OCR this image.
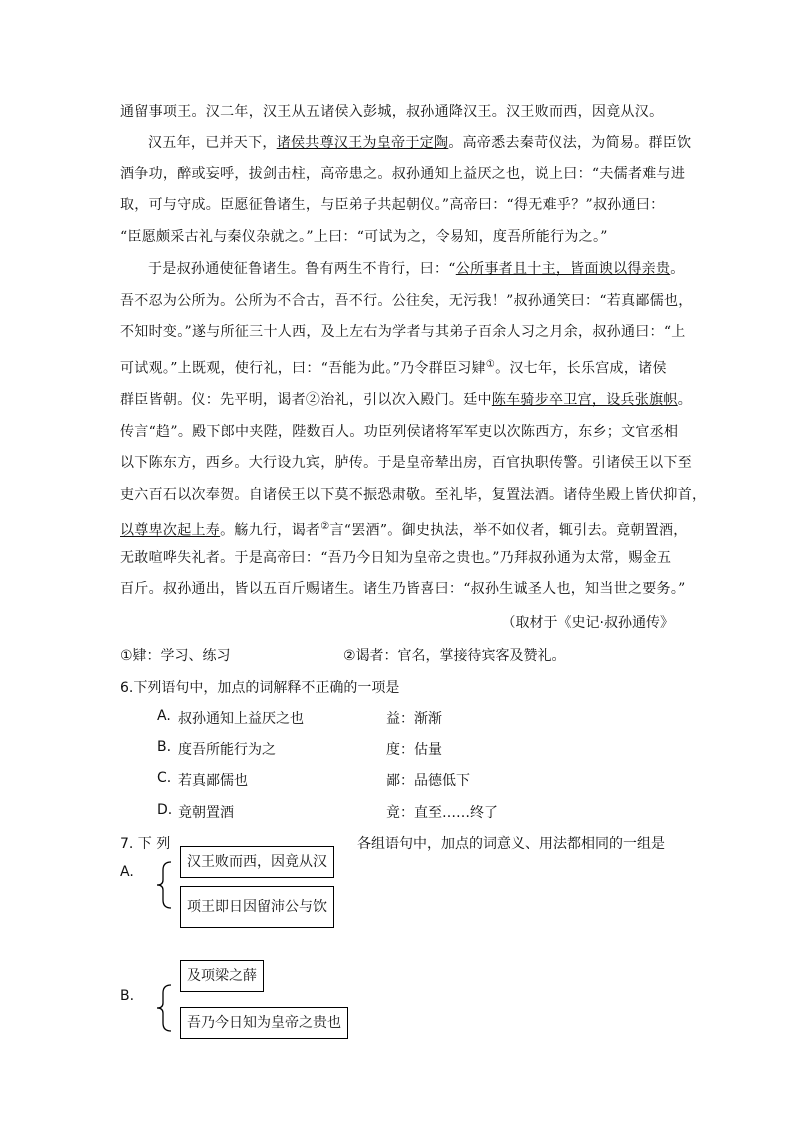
通留事项王。汉二年，汉王从五诸侯入彭城，叔孙通降汉王。汉王败而西，因竟从汉。
汉五年，已并天下，诸侯共尊汉王为皇帝于定陶。高帝悉去秦苛仪法，为简易。群臣饮
酒争功，醉或妄呼，拔剑击柱，高帝患之。叔孙通知上益厌之也，说上曰：“夫儒者难与进
取，可与守成。臣愿征鲁诸生，与臣弟子共起朝仪。”高帝曰：“得无难乎？”叔孙通曰：
“臣愿颇采古礼与秦仪杂就之。”上曰：“可试为之，令易知，度吾所能行为之。”
于是叔孙通使征鲁诸生。鲁有两生不肯行，曰：“公所事者且十主，皆面谀以得亲贵。
吾不忍为公所为。公所为不合古，吾不行。公往矣，无污我！”叔孙通笑曰：“若真鄙儒也，
不知时变。”遂与所征三十人西，及上左右为学者与其弟子百余人习之月余，叔孙通曰：“上
可试观。”上既观，使行礼，曰：“吾能为此。”乃令群臣习肄①。汉七年，长乐宫成，诸侯
群臣皆朝。仪：先平明，谒者②治礼，引以次入殿门。廷中陈车骑步卒卫宫，设兵张旗帜。
传言“趋”。殿下郎中夹陛，陛数百人。功臣列侯诸将军军吏以次陈西方，东乡；文官丞相
以下陈东方，西乡。大行设九宾，胪传。于是皇帝辇出房，百官执职传警。引诸侯王以下至
吏六百石以次奉贺。自诸侯王以下莫不振恐肃敬。至礼毕，复置法酒。诸侍坐殿上皆伏抑首，
以尊卑次起上寿。觞九行，谒者②言“罢酒”。御史执法，举不如仪者，辄引去。竟朝置酒，
无敢喧哗失礼者。于是高帝曰：“吾乃今日知为皇帝之贵也。”乃拜叔孙通为太常，赐金五
百斤。叔孙通出，皆以五百斤赐诸生。诸生乃皆喜曰：“叔孙生诚圣人也，知当世之要务。”
（取材于《史记·叔孙通传》
①肄：学习、练习	②谒者：官名，掌接待宾客及赞礼。
6.下列语句中，加点的词解释不正确的一项是
A. 叔孙通知上益厌之也	益：渐渐
B. 度吾所能行为之	度：估量
C. 若真鄙儒也	鄙：品德低下
D. 竟朝置酒	竟：直至……终了
7. 下 列	各组语句中，加点的词意义、用法都相同的一组是
A.
汉王败而西，因竟从汉
项王即日因留沛公与饮
B.
及项梁之薛
吾乃今日知为皇帝之贵也
